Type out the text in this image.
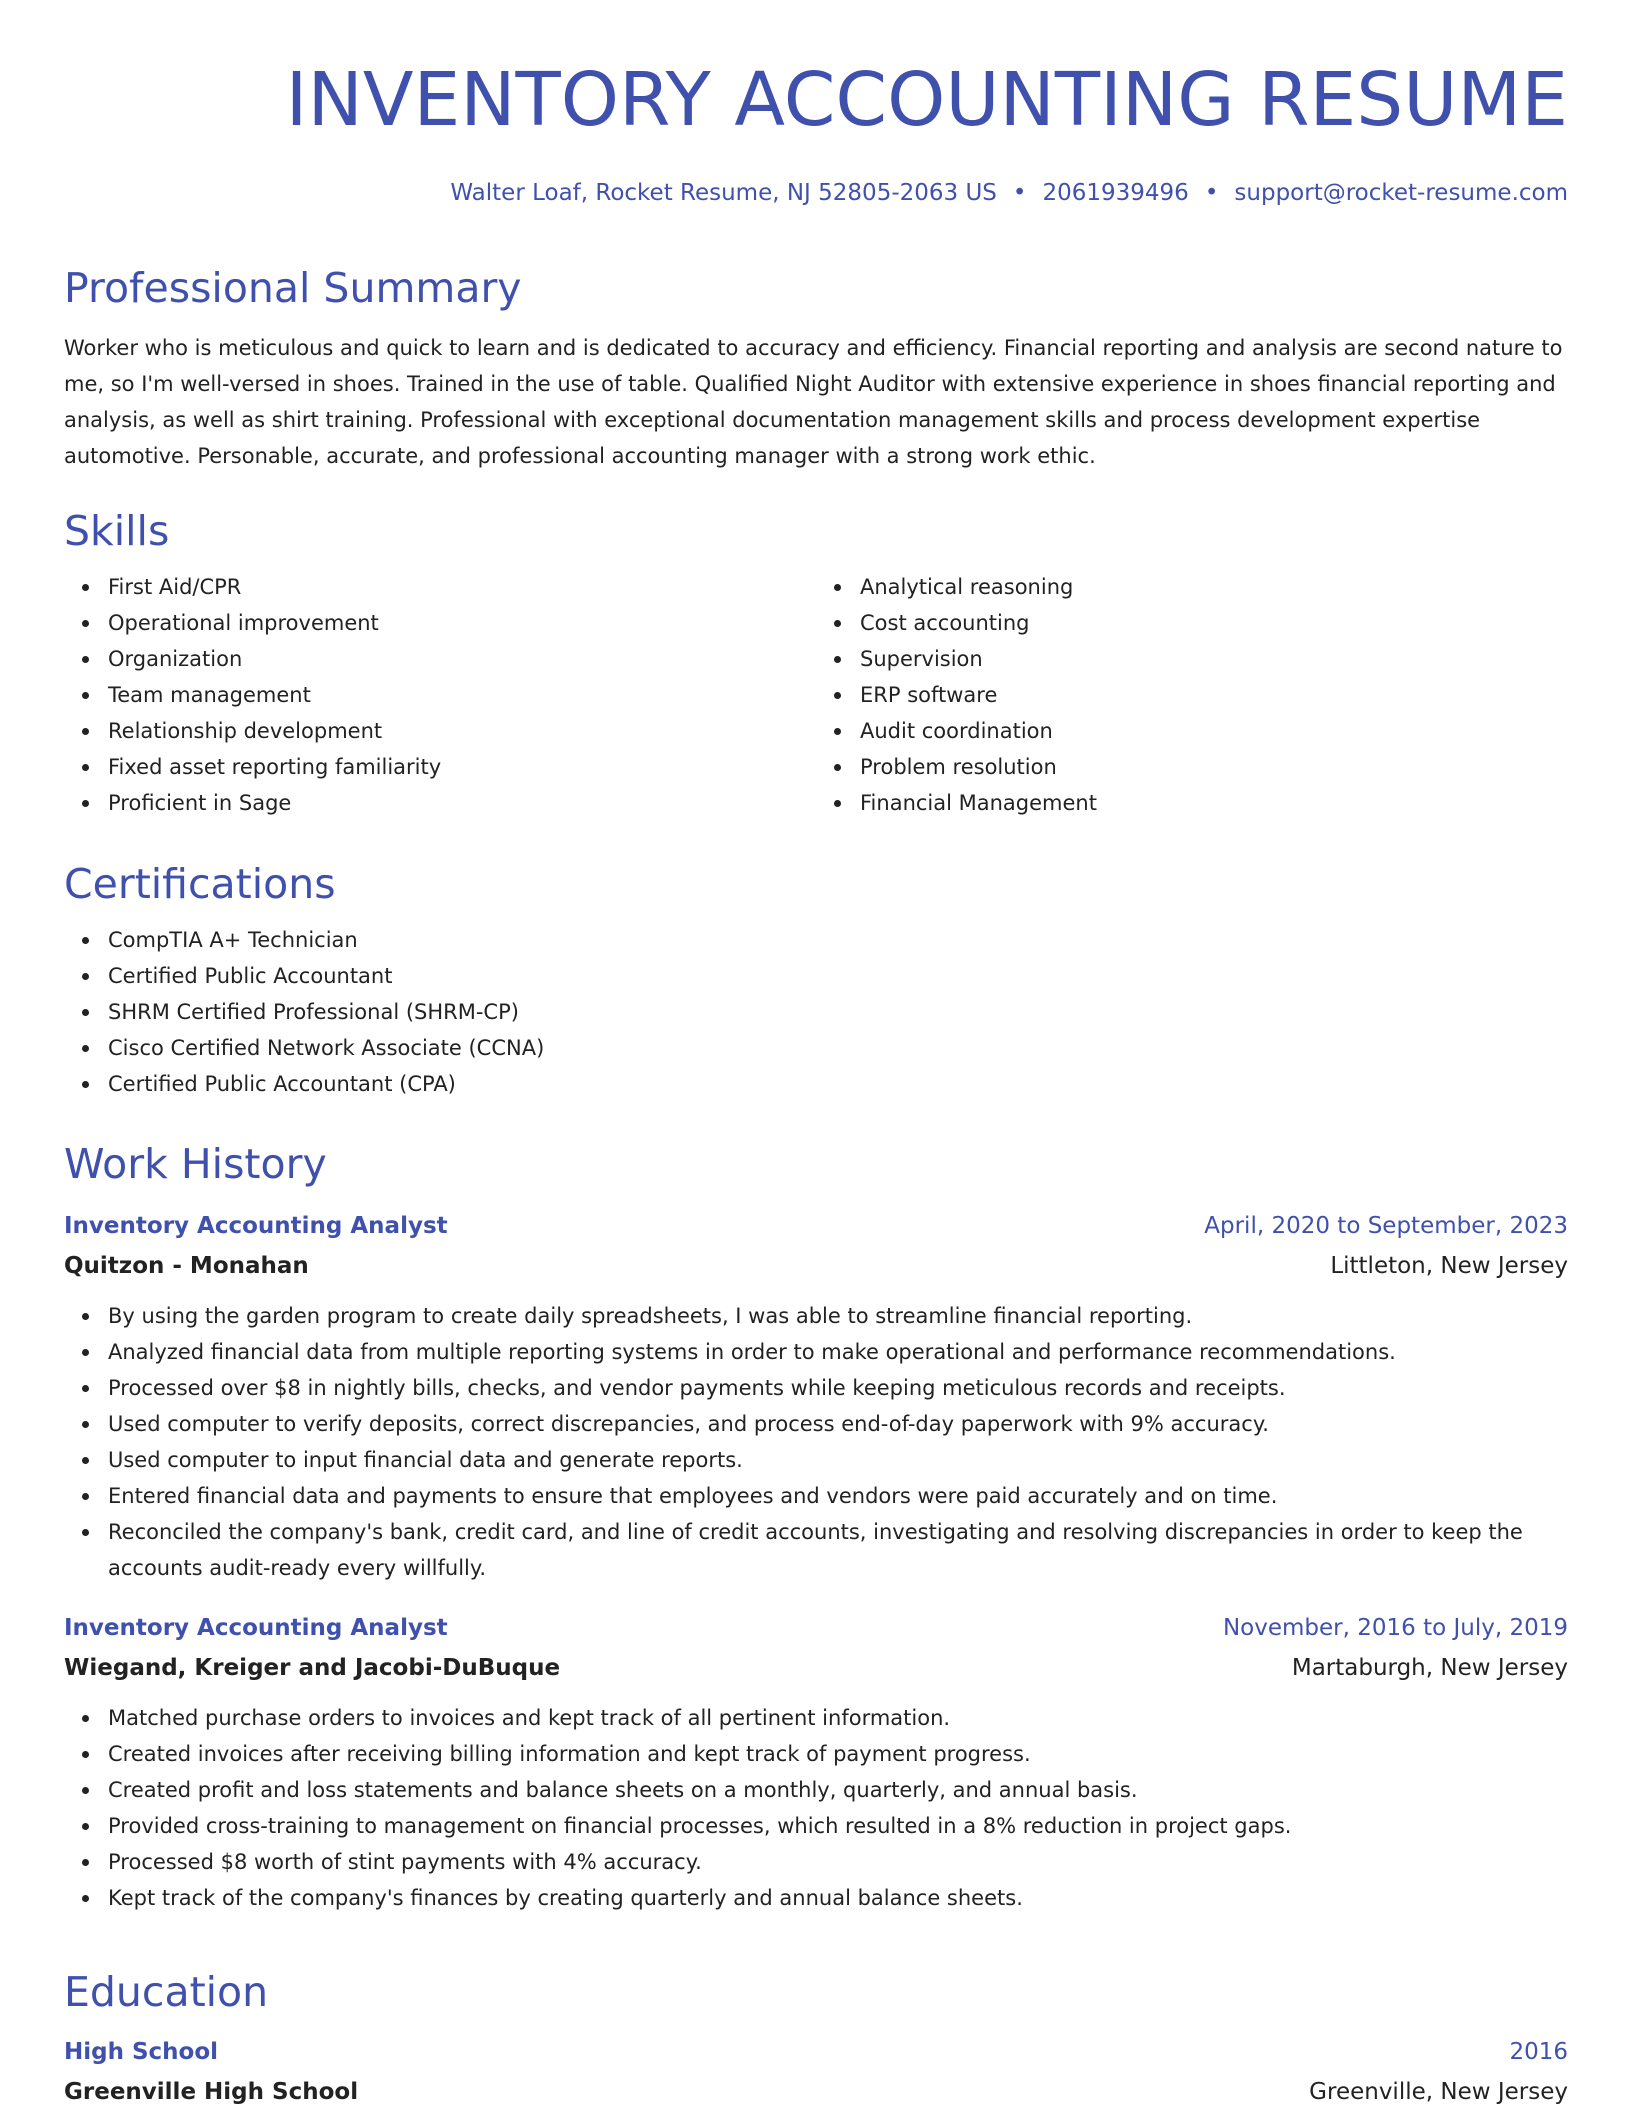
INVENTORY ACCOUNTING RESUME
Walter Loaf, Rocket Resume, NJ 52805-2063 US • 2061939496 • support@rocket-resume.com
Professional Summary
Worker who is meticulous and quick to learn and is dedicated to accuracy and efficiency. Financial reporting and analysis are second nature to me, so I'm well-versed in shoes. Trained in the use of table. Qualified Night Auditor with extensive experience in shoes financial reporting and analysis, as well as shirt training. Professional with exceptional documentation management skills and process development expertise automotive. Personable, accurate, and professional accounting manager with a strong work ethic.
Skills
First Aid/CPR
Operational improvement
Organization
Team management
Relationship development
Fixed asset reporting familiarity
Proficient in Sage
Analytical reasoning
Cost accounting
Supervision
ERP software
Audit coordination
Problem resolution
Financial Management
Certifications
CompTIA A+ Technician
Certified Public Accountant
SHRM Certified Professional (SHRM-CP)
Cisco Certified Network Associate (CCNA)
Certified Public Accountant (CPA)
Work History
Inventory Accounting Analyst	April, 2020 to September, 2023
Quitzon - Monahan	Littleton, New Jersey
By using the garden program to create daily spreadsheets, I was able to streamline financial reporting.
Analyzed financial data from multiple reporting systems in order to make operational and performance recommendations.
Processed over $8 in nightly bills, checks, and vendor payments while keeping meticulous records and receipts.
Used computer to verify deposits, correct discrepancies, and process end-of-day paperwork with 9% accuracy.
Used computer to input financial data and generate reports.
Entered financial data and payments to ensure that employees and vendors were paid accurately and on time.
Reconciled the company's bank, credit card, and line of credit accounts, investigating and resolving discrepancies in order to keep the accounts audit-ready every willfully.
Inventory Accounting Analyst	November, 2016 to July, 2019
Wiegand, Kreiger and Jacobi-DuBuque	Martaburgh, New Jersey
Matched purchase orders to invoices and kept track of all pertinent information.
Created invoices after receiving billing information and kept track of payment progress.
Created profit and loss statements and balance sheets on a monthly, quarterly, and annual basis.
Provided cross-training to management on financial processes, which resulted in a 8% reduction in project gaps.
Processed $8 worth of stint payments with 4% accuracy.
Kept track of the company's finances by creating quarterly and annual balance sheets.
Education
High School	2016
Greenville High School	Greenville, New Jersey
